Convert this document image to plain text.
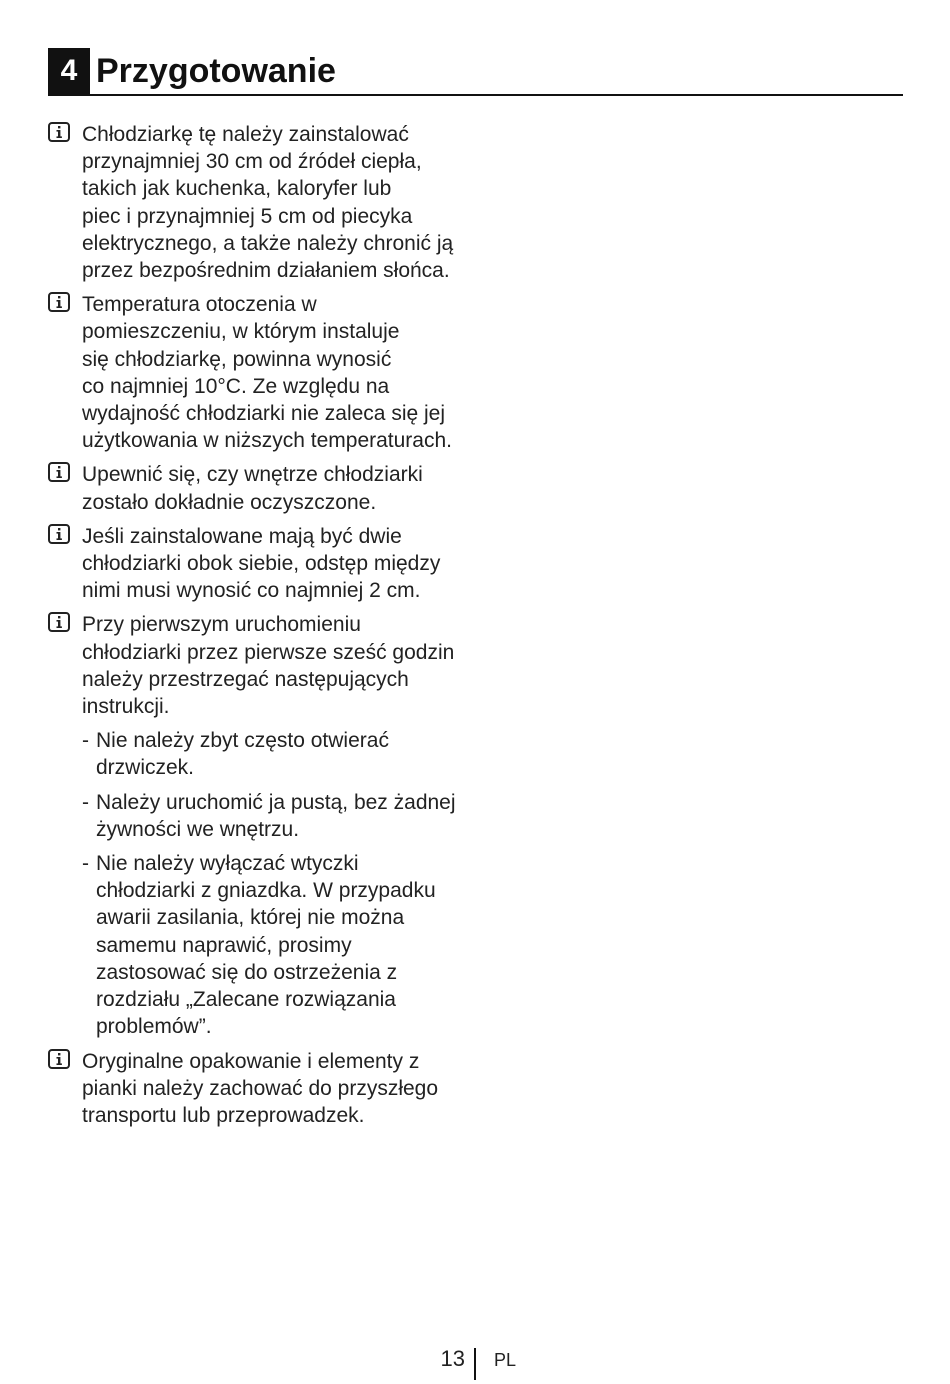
4 Przygotowanie
Chłodziarkę tę należy zainstalować
przynajmniej 30 cm od źródeł ciepła,
takich jak kuchenka, kaloryfer lub
piec i przynajmniej 5 cm od piecyka
elektrycznego, a także należy chronić ją
przez bezpośrednim działaniem słońca.
Temperatura otoczenia w
pomieszczeniu, w którym instaluje
się chłodziarkę, powinna wynosić
co najmniej 10°C. Ze względu na
wydajność chłodziarki nie zaleca się jej
użytkowania w niższych temperaturach.
Upewnić się, czy wnętrze chłodziarki
zostało dokładnie oczyszczone.
Jeśli zainstalowane mają być dwie
chłodziarki obok siebie, odstęp między
nimi musi wynosić co najmniej 2 cm.
Przy pierwszym uruchomieniu
chłodziarki przez pierwsze sześć godzin
należy przestrzegać następujących
instrukcji.
- Nie należy zbyt często otwierać
drzwiczek.
- Należy uruchomić ja pustą, bez żadnej
żywności we wnętrzu.
- Nie należy wyłączać wtyczki
chłodziarki z gniazdka. W przypadku
awarii zasilania, której nie można
samemu naprawić, prosimy
zastosować się do ostrzeżenia z
rozdziału „Zalecane rozwiązania
problemów”.
Oryginalne opakowanie i elementy z
pianki należy zachować do przyszłego
transportu lub przeprowadzek.
13 PL
